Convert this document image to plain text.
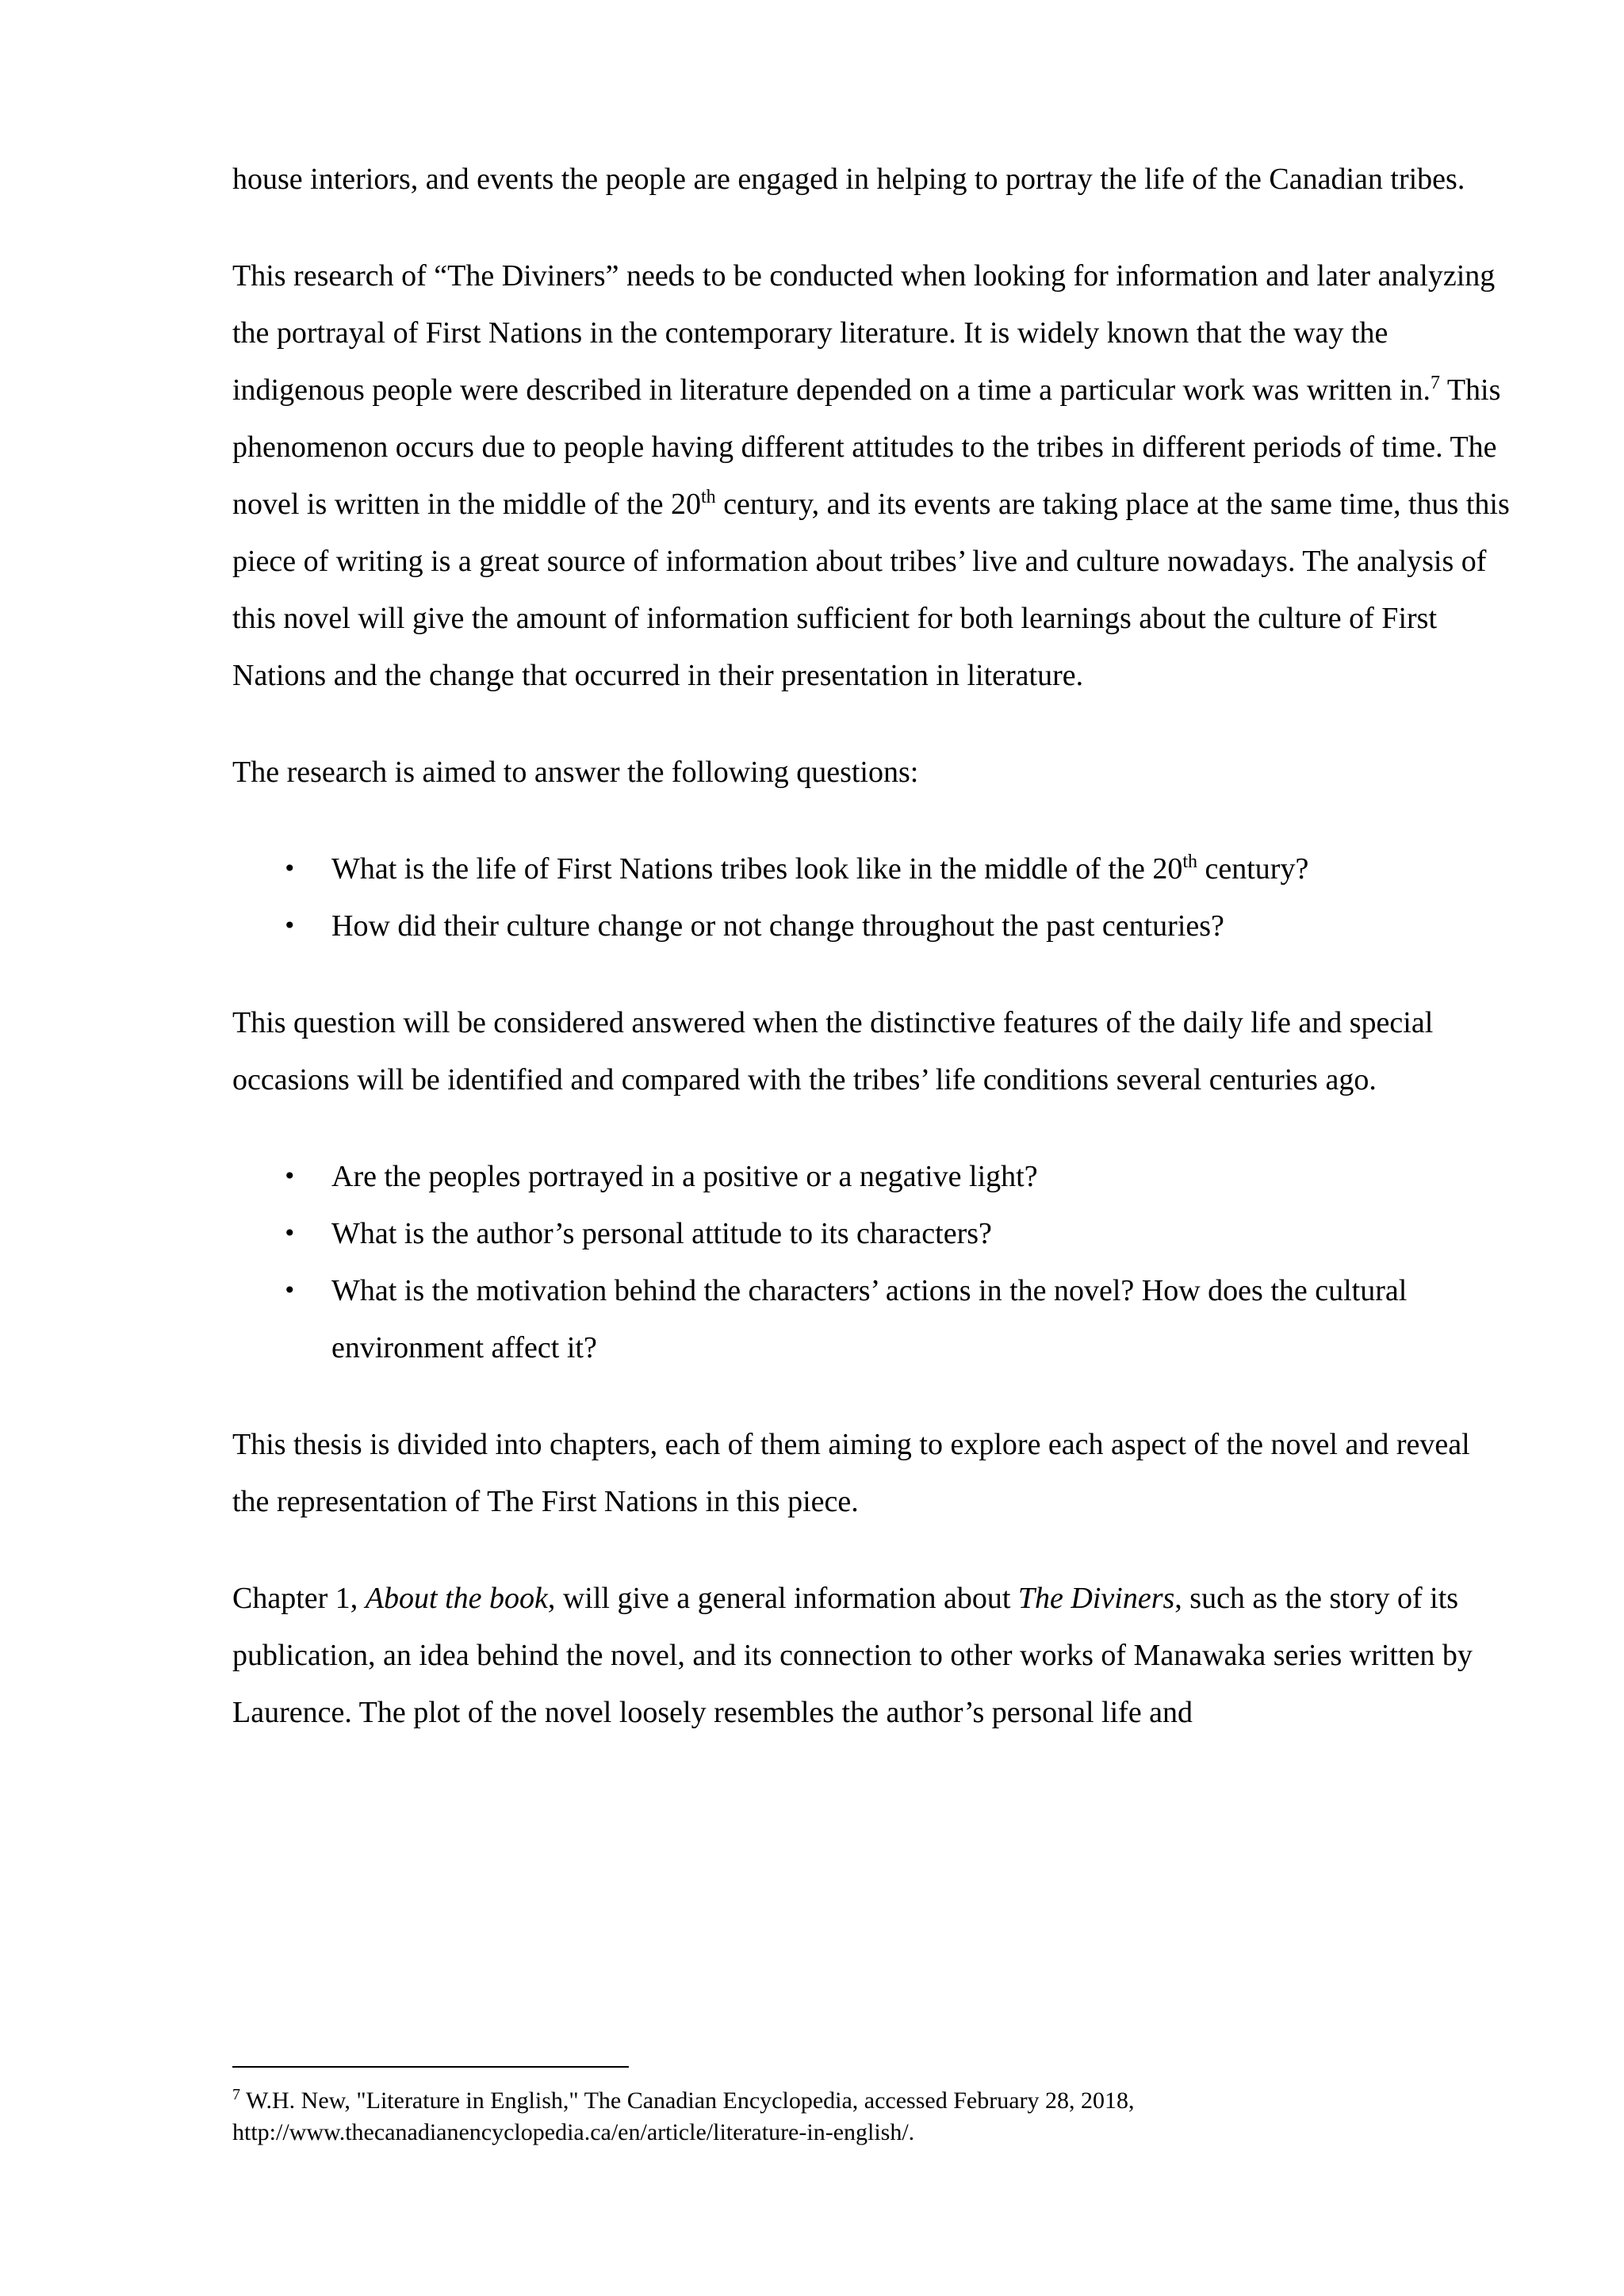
house interiors, and events the people are engaged in helping to portray the life of the Canadian tribes.

This research of “The Diviners” needs to be conducted when looking for information and later analyzing the portrayal of First Nations in the contemporary literature. It is widely known that the way the indigenous people were described in literature depended on a time a particular work was written in.$^7$ This phenomenon occurs due to people having different attitudes to the tribes in different periods of time. The novel is written in the middle of the 20th century, and its events are taking place at the same time, thus this piece of writing is a great source of information about tribes’ live and culture nowadays. The analysis of this novel will give the amount of information sufficient for both learnings about the culture of First Nations and the change that occurred in their presentation in literature.

The research is aimed to answer the following questions:

• What is the life of First Nations tribes look like in the middle of the 20th century?
• How did their culture change or not change throughout the past centuries?

This question will be considered answered when the distinctive features of the daily life and special occasions will be identified and compared with the tribes’ life conditions several centuries ago.

• Are the peoples portrayed in a positive or a negative light?
• What is the author’s personal attitude to its characters?
• What is the motivation behind the characters’ actions in the novel? How does the cultural environment affect it?

This thesis is divided into chapters, each of them aiming to explore each aspect of the novel and reveal the representation of The First Nations in this piece.

Chapter 1, About the book, will give a general information about The Diviners, such as the story of its publication, an idea behind the novel, and its connection to other works of Manawaka series written by Laurence. The plot of the novel loosely resembles the author’s personal life and

$^7$ W.H. New, "Literature in English," The Canadian Encyclopedia, accessed February 28, 2018, http://www.thecanadianencyclopedia.ca/en/article/literature-in-english/.
